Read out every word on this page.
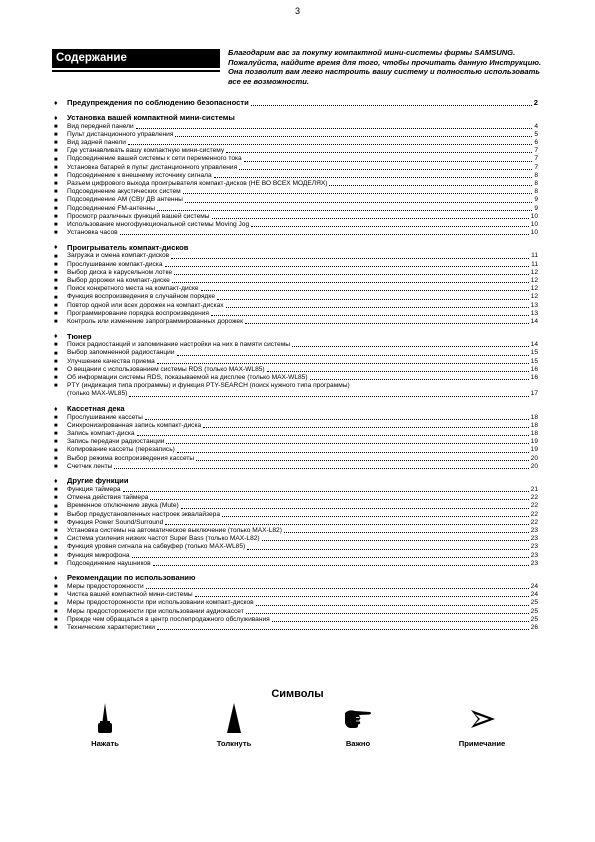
3
Содержание	Благодарим вас за покупку компактной мини-системы фирмы SAMSUNG. Пожалуйста, найдите время для того, чтобы прочитать данную Инструкцию. Она позволит вам легко настроить вашу систему и полностью использовать все ее возможности.
♦	Предупреждения по соблюдению безопасности	2
♦	Установка вашей компактной мини-системы
■	Вид передней панели	4
■	Пульт дистанционного управления	5
■	Вид задней панели	6
■	Где устанавливать вашу компактную мини-систему	7
■	Подсоединение вашей системы к сети переменного тока	7
■	Установка батарей в пульт дистанционного управления	7
■	Подсоединение к внешнему источнику сигнала	8
■	Разъем цифрового выхода проигрывателя компакт-дисков (НЕ ВО ВСЕХ МОДЕЛЯХ)	8
■	Подсоединение акустических систем	8
■	Подсоединение АМ (СВ)/ ДВ антенны	9
■	Подсоединение FM-антенны	9
■	Просмотр различных функций вашей системы	10
■	Использование многофункциональной системы Moving Jog	10
■	Установка часов	10
♦	Проигрыватель компакт-дисков
■	Загрузка и смена компакт-дисков	11
■	Прослушивание компакт-диска	11
■	Выбор диска в карусельном лотке	12
■	Выбор дорожки на компакт-диске	12
■	Поиск конкретного места на компакт-диске	12
■	Функция воспроизведения в случайном порядке	12
■	Повтор одной или всех дорожек на компакт-дисках	13
■	Программирование порядка воспроизведения	13
■	Контроль или изменение запрограммированных дорожек	14
♦	Тюнер
■	Поиск радиостанций и запоминание настройки на них в памяти системы	14
■	Выбор запомненной радиостанции	15
■	Улучшение качества приема	15
■	О вещании с использованием системы RDS (только MAX-WL85)	16
■	Об информации системы RDS, показываемой на дисплее (только MAX-WL85)	16
■	PTY (индикация типа программы) и функция PTY-SEARCH (поиск нужного типа программы)
(только MAX-WL85)	17
♦	Кассетная дека
■	Прослушивание кассеты	18
■	Синхронизированная запись компакт-диска	18
■	Запись компакт-диска	18
■	Запись передачи радиостанции	19
■	Копирование кассеты (перезапись)	19
■	Выбор режима воспроизведения кассеты	20
■	Счетчик ленты	20
♦	Другие функции
■	Функция таймера	21
■	Отмена действия таймера	22
■	Временное отключение звука (Mute)	22
■	Выбор предустановленных настроек эквалайзера	22
■	Функция Power Sound/Surround	22
■	Установка системы на автоматическое выключение (только MAX-L82)	23
■	Система усиления низких частот Super Bass (только MAX-L82)	23
■	Функция уровня сигнала на сабвуфер (только MAX-WL85)	23
■	Функция микрофона	23
■	Подсоединение наушников	23
♦	Рекомендации по использованию
■	Меры предосторожности	24
■	Чистка вашей компактной мини-системы	24
■	Меры предосторожности при использовании компакт-дисков	25
■	Меры предосторожности при использовании аудиокассет	25
■	Прежде чем обращаться в центр послепродажного обслуживания	25
■	Технические характеристики	26
Символы
Нажать	Толкнуть	Важно	Примечание
